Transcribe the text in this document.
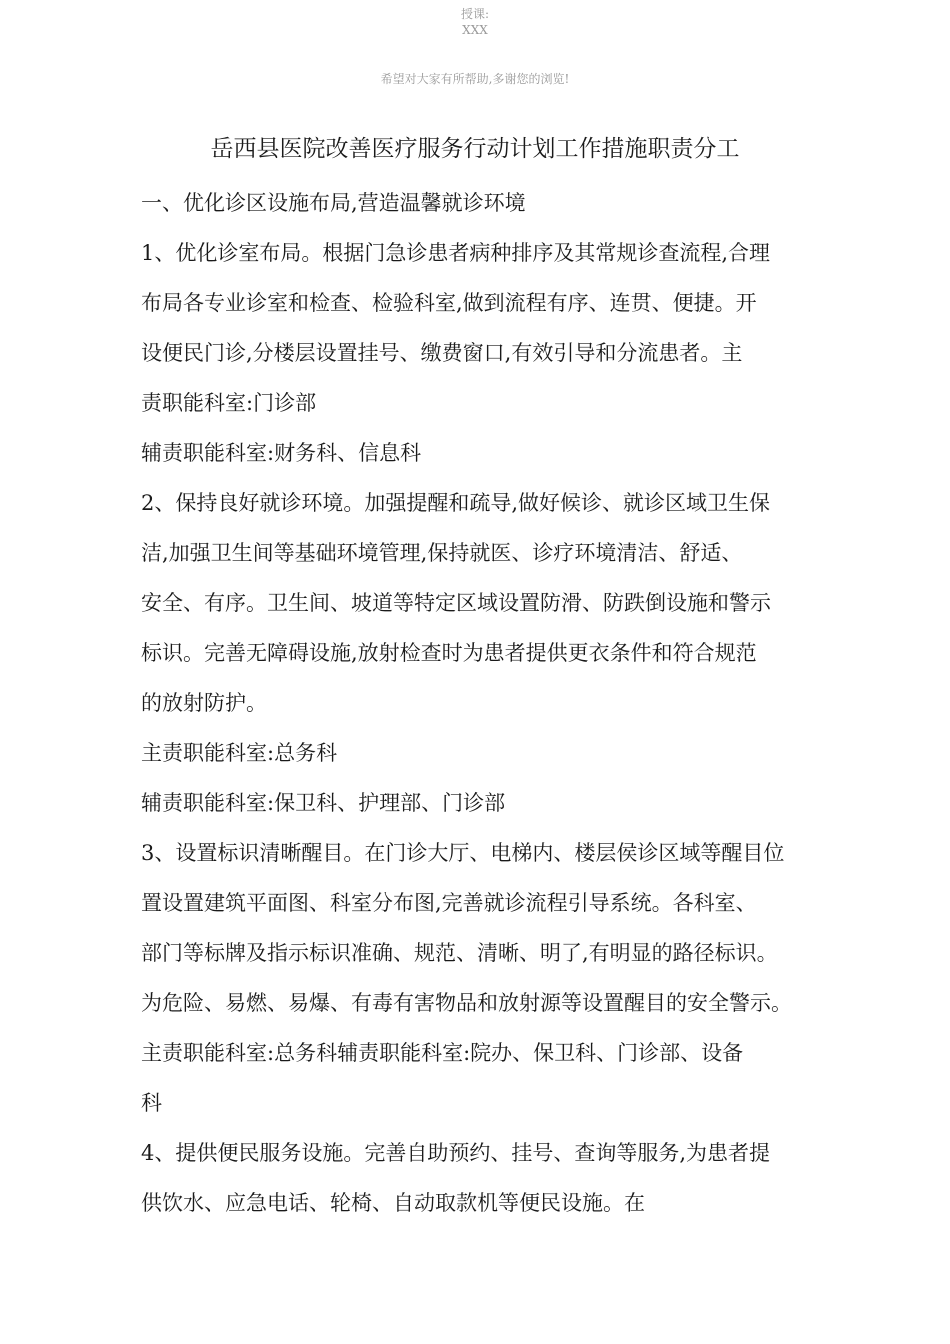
授课:
XXX
希望对大家有所帮助,多谢您的浏览!
岳西县医院改善医疗服务行动计划工作措施职责分工
一、优化诊区设施布局,营造温馨就诊环境
1、优化诊室布局。根据门急诊患者病种排序及其常规诊查流程,合理
布局各专业诊室和检查、检验科室,做到流程有序、连贯、便捷。开
设便民门诊,分楼层设置挂号、缴费窗口,有效引导和分流患者。主
责职能科室:门诊部
辅责职能科室:财务科、信息科
2、保持良好就诊环境。加强提醒和疏导,做好候诊、就诊区域卫生保
洁,加强卫生间等基础环境管理,保持就医、诊疗环境清洁、舒适、
安全、有序。卫生间、坡道等特定区域设置防滑、防跌倒设施和警示
标识。完善无障碍设施,放射检查时为患者提供更衣条件和符合规范
的放射防护。
主责职能科室:总务科
辅责职能科室:保卫科、护理部、门诊部
3、设置标识清晰醒目。在门诊大厅、电梯内、楼层侯诊区域等醒目位
置设置建筑平面图、科室分布图,完善就诊流程引导系统。各科室、
部门等标牌及指示标识准确、规范、清晰、明了,有明显的路径标识。
为危险、易燃、易爆、有毒有害物品和放射源等设置醒目的安全警示。
主责职能科室:总务科辅责职能科室:院办、保卫科、门诊部、设备
科
4、提供便民服务设施。完善自助预约、挂号、查询等服务,为患者提
供饮水、应急电话、轮椅、自动取款机等便民设施。在
